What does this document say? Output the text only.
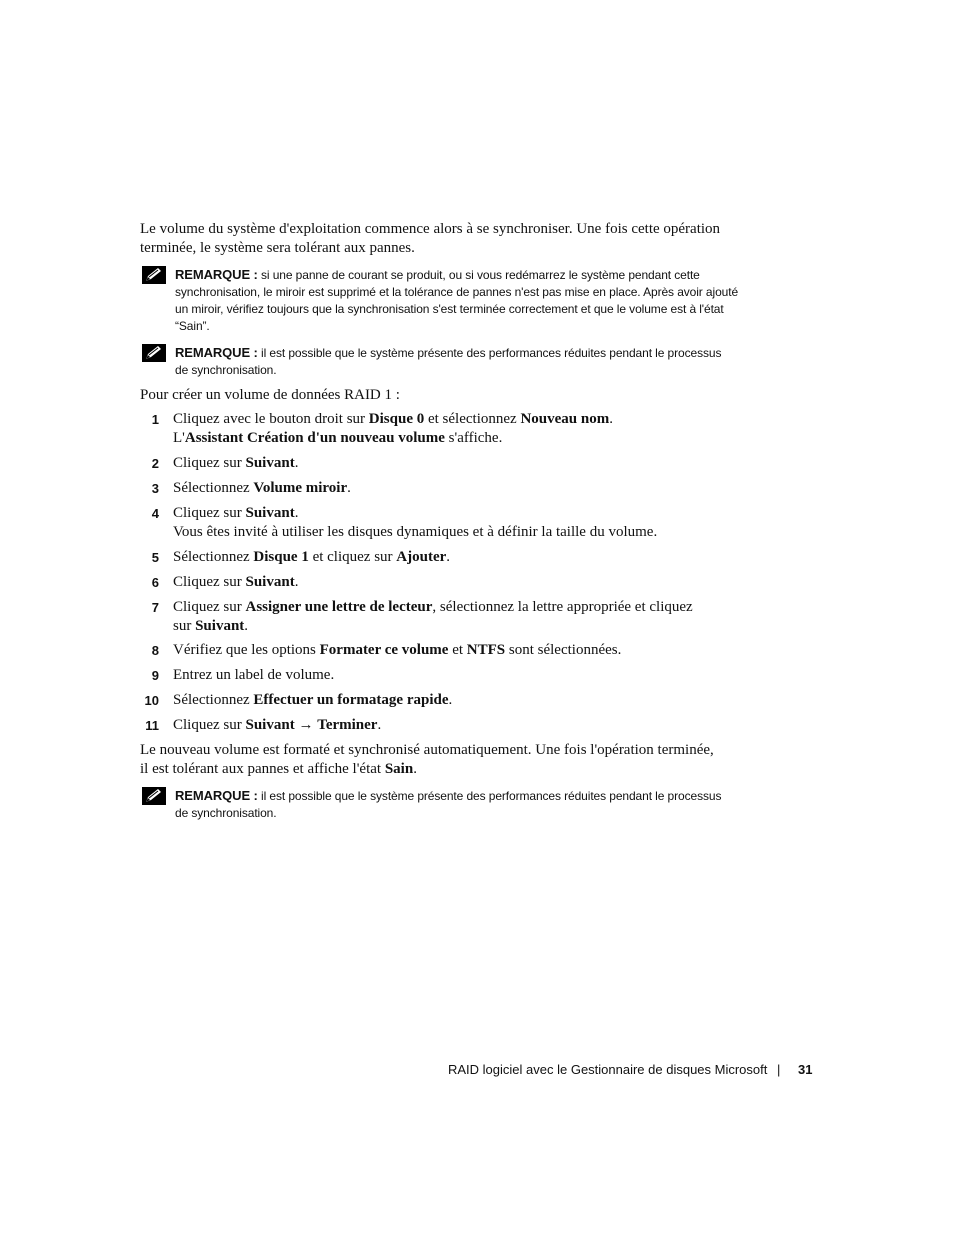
Le volume du système d'exploitation commence alors à se synchroniser. Une fois cette opération
terminée, le système sera tolérant aux pannes.
REMARQUE : si une panne de courant se produit, ou si vous redémarrez le système pendant cette
synchronisation, le miroir est supprimé et la tolérance de pannes n'est pas mise en place. Après avoir ajouté
un miroir, vérifiez toujours que la synchronisation s'est terminée correctement et que le volume est à l'état
“Sain”.
REMARQUE : il est possible que le système présente des performances réduites pendant le processus
de synchronisation.
Pour créer un volume de données RAID 1 :
1 Cliquez avec le bouton droit sur Disque 0 et sélectionnez Nouveau nom.
L'Assistant Création d'un nouveau volume s'affiche.
2 Cliquez sur Suivant.
3 Sélectionnez Volume miroir.
4 Cliquez sur Suivant.
Vous êtes invité à utiliser les disques dynamiques et à définir la taille du volume.
5 Sélectionnez Disque 1 et cliquez sur Ajouter.
6 Cliquez sur Suivant.
7 Cliquez sur Assigner une lettre de lecteur, sélectionnez la lettre appropriée et cliquez
sur Suivant.
8 Vérifiez que les options Formater ce volume et NTFS sont sélectionnées.
9 Entrez un label de volume.
10 Sélectionnez Effectuer un formatage rapide.
11 Cliquez sur Suivant → Terminer.
Le nouveau volume est formaté et synchronisé automatiquement. Une fois l'opération terminée,
il est tolérant aux pannes et affiche l'état Sain.
REMARQUE : il est possible que le système présente des performances réduites pendant le processus
de synchronisation.
RAID logiciel avec le Gestionnaire de disques Microsoft | 31
